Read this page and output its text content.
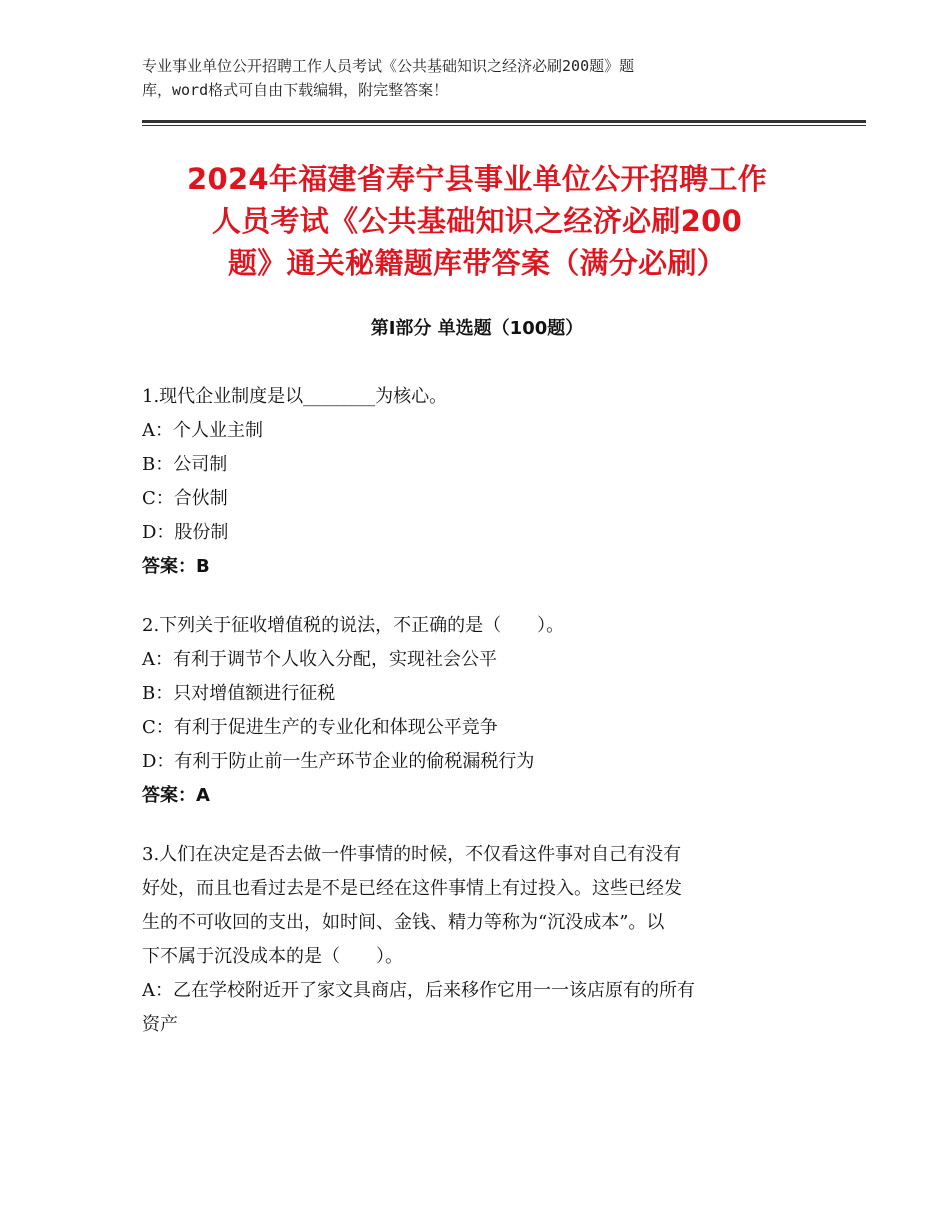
专业事业单位公开招聘工作人员考试《公共基础知识之经济必刷200题》题
库，word格式可自由下载编辑，附完整答案！
2024年福建省寿宁县事业单位公开招聘工作
人员考试《公共基础知识之经济必刷200
题》通关秘籍题库带答案（满分必刷）
第Ⅰ部分 单选题（100题）
1.现代企业制度是以________为核心。
A：个人业主制
B：公司制
C：合伙制
D：股份制
答案：B
2.下列关于征收增值税的说法，不正确的是（　　）。
A：有利于调节个人收入分配，实现社会公平
B：只对增值额进行征税
C：有利于促进生产的专业化和体现公平竞争
D：有利于防止前一生产环节企业的偷税漏税行为
答案：A
3.人们在决定是否去做一件事情的时候，不仅看这件事对自己有没有
好处，而且也看过去是不是已经在这件事情上有过投入。这些已经发
生的不可收回的支出，如时间、金钱、精力等称为“沉没成本”。以
下不属于沉没成本的是（　　）。
A：乙在学校附近开了家文具商店，后来移作它用一一该店原有的所有
资产
